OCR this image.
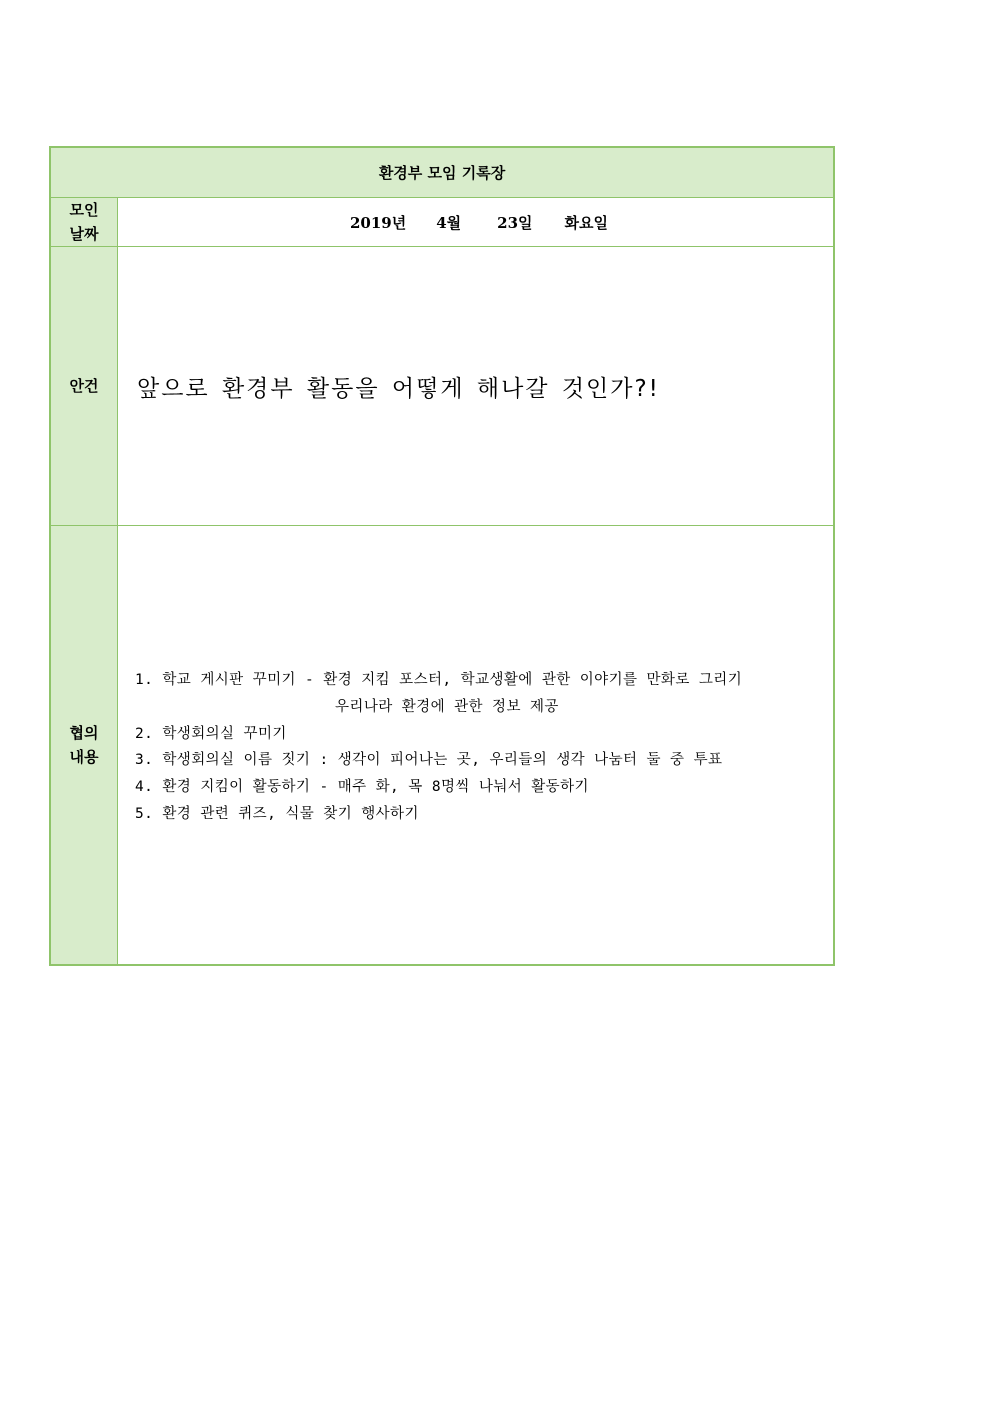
환경부 모임 기록장
모인
날짜
2019년 4월 23일 화요일
안건	앞으로 환경부 활동을 어떻게 해나갈 것인가?!
협의
내용
1. 학교 게시판 꾸미기 - 환경 지킴 포스터, 학교생활에 관한 이야기를 만화로 그리기
우리나라 환경에 관한 정보 제공
2. 학생회의실 꾸미기
3. 학생회의실 이름 짓기 : 생각이 피어나는 곳, 우리들의 생각 나눔터 둘 중 투표
4. 환경 지킴이 활동하기 - 매주 화, 목 8명씩 나눠서 활동하기
5. 환경 관련 퀴즈, 식물 찾기 행사하기
